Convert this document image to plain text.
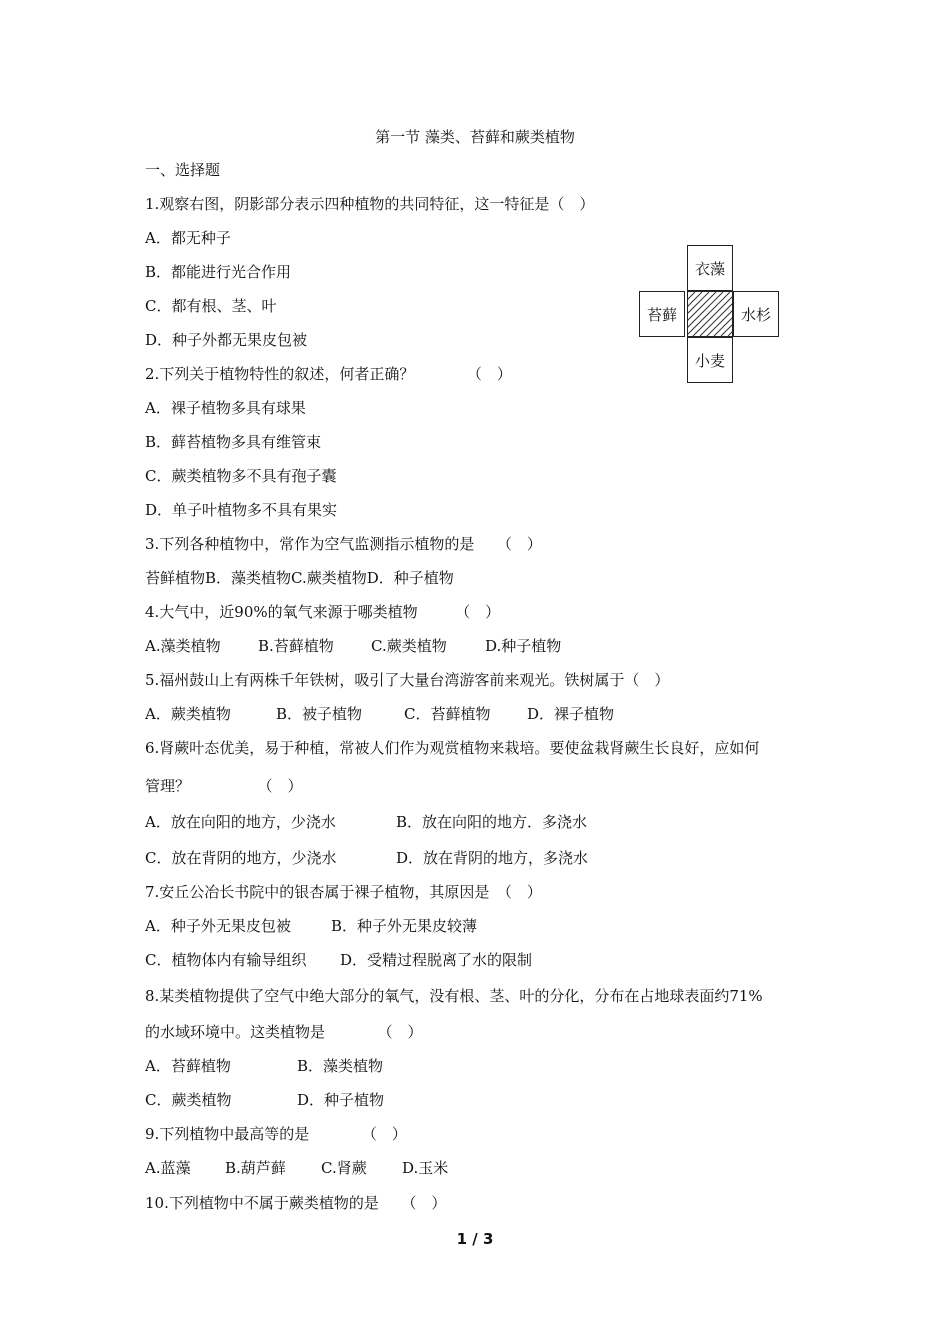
第一节 藻类、苔藓和蕨类植物
一、选择题
1.观察右图，阴影部分表示四种植物的共同特征，这一特征是（　）
A．都无种子
B．都能进行光合作用
C．都有根、茎、叶
D．种子外都无果皮包被
2.下列关于植物特性的叙述，何者正确？　　　　（　）
A．裸子植物多具有球果
B．藓苔植物多具有维管束
C．蕨类植物多不具有孢子囊
D．单子叶植物多不具有果实
3.下列各种植物中，常作为空气监测指示植物的是　　（　）
苔鲜植物B．藻类植物C.蕨类植物D．种子植物
4.大气中，近90%的氧气来源于哪类植物　　　（　）
A.藻类植物 B.苔藓植物 C.蕨类植物	D.种子植物
5.福州鼓山上有两株千年铁树，吸引了大量台湾游客前来观光。铁树属于（　）
A．蕨类植物	B．被子植物	C．苔藓植物 D．裸子植物
6.肾蕨叶态优美，易于种植，常被人们作为观赏植物来栽培。要使盆栽肾蕨生长良好，应如何
管理？　　　　　（　）
A．放在向阳的地方，少浇水	B．放在向阳的地方．多浇水
C．放在背阴的地方，少浇水	D．放在背阴的地方，多浇水
7.安丘公冶长书院中的银杏属于裸子植物，其原因是　（　）
A．种子外无果皮包被	B．种子外无果皮较薄
C．植物体内有输导组织 D．受精过程脱离了水的限制
8.某类植物提供了空气中绝大部分的氧气，没有根、茎、叶的分化，分布在占地球表面约71%
的水域环境中。这类植物是　　　　（　）
A．苔藓植物	B．藻类植物
C．蕨类植物	D．种子植物
9.下列植物中最高等的是　　　　（　）
A.蓝藻 B.葫芦藓 C.肾蕨 D.玉米
10.下列植物中不属于蕨类植物的是　　（　）
衣藻
苔藓	水杉
小麦
1 / 3
